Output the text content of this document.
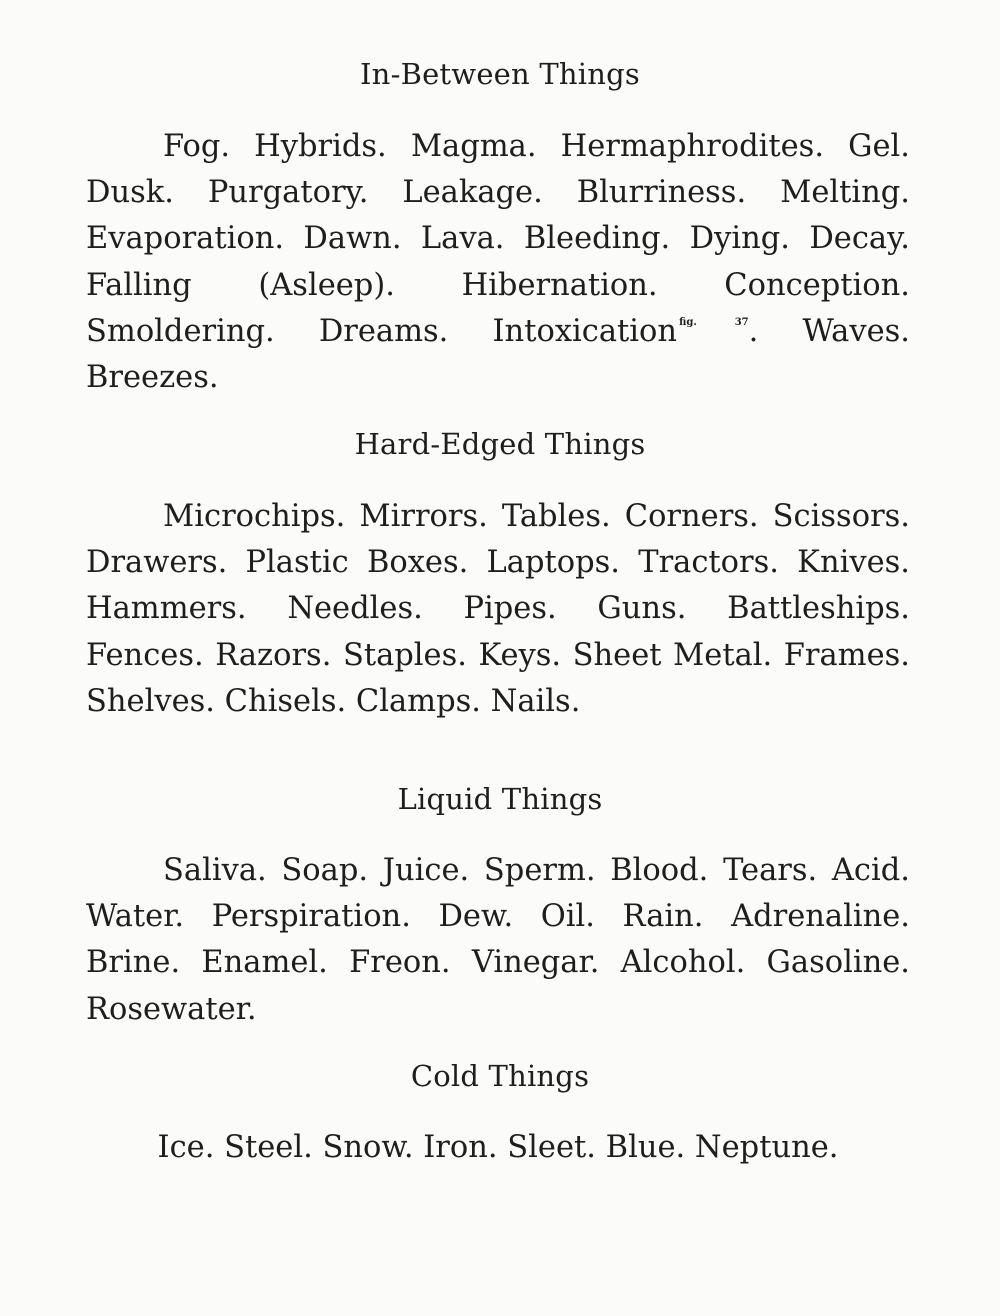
In-Between Things

Fog. Hybrids. Magma. Hermaphrodites. Gel. Dusk. Purgatory. Leakage. Blurriness. Melting. Evaporation. Dawn. Lava. Bleeding. Dying. Decay. Falling (Asleep). Hibernation. Conception. Smoldering. Dreams. Intoxication $^{fig. 37}$. Waves. Breezes.

Hard-Edged Things

Microchips. Mirrors. Tables. Corners. Scissors. Drawers. Plastic Boxes. Laptops. Tractors. Knives. Hammers. Needles. Pipes. Guns. Battleships. Fences. Razors. Staples. Keys. Sheet Metal. Frames. Shelves. Chisels. Clamps. Nails.

Liquid Things

Saliva. Soap. Juice. Sperm. Blood. Tears. Acid. Water. Perspiration. Dew. Oil. Rain. Adrenaline. Brine. Enamel. Freon. Vinegar. Alcohol. Gasoline. Rosewater.

Cold Things

Ice. Steel. Snow. Iron. Sleet. Blue. Neptune.
